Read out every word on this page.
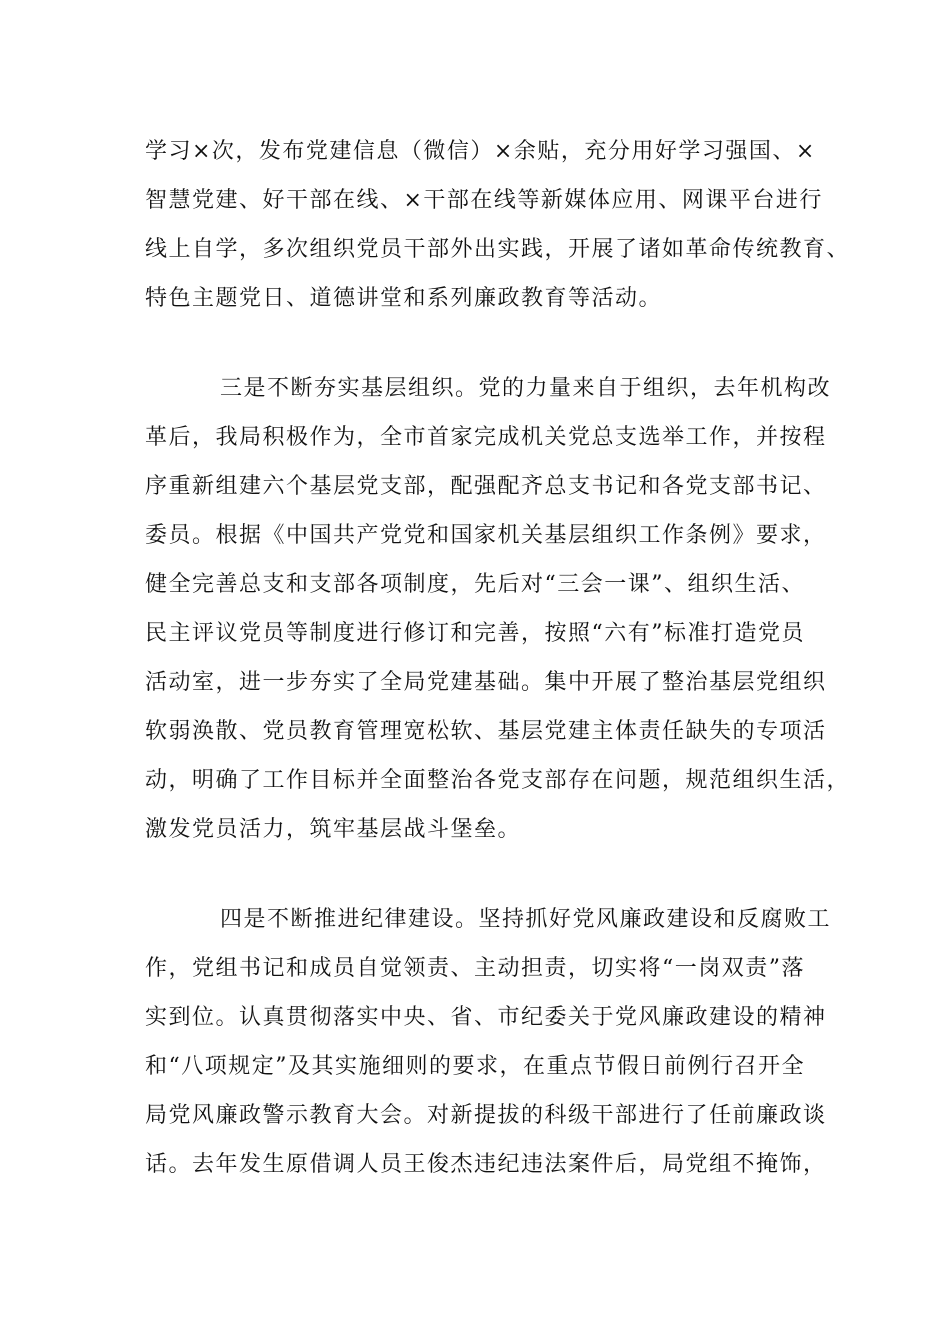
学习×次，发布党建信息（微信）×余贴，充分用好学习强国、×
智慧党建、好干部在线、×干部在线等新媒体应用、网课平台进行
线上自学，多次组织党员干部外出实践，开展了诸如革命传统教育、
特色主题党日、道德讲堂和系列廉政教育等活动。
三是不断夯实基层组织。党的力量来自于组织，去年机构改
革后，我局积极作为，全市首家完成机关党总支选举工作，并按程
序重新组建六个基层党支部，配强配齐总支书记和各党支部书记、
委员。根据《中国共产党党和国家机关基层组织工作条例》要求，
健全完善总支和支部各项制度，先后对“三会一课”、组织生活、
民主评议党员等制度进行修订和完善，按照“六有”标准打造党员
活动室，进一步夯实了全局党建基础。集中开展了整治基层党组织
软弱涣散、党员教育管理宽松软、基层党建主体责任缺失的专项活
动，明确了工作目标并全面整治各党支部存在问题，规范组织生活，
激发党员活力，筑牢基层战斗堡垒。
四是不断推进纪律建设。坚持抓好党风廉政建设和反腐败工
作，党组书记和成员自觉领责、主动担责，切实将“一岗双责”落
实到位。认真贯彻落实中央、省、市纪委关于党风廉政建设的精神
和“八项规定”及其实施细则的要求，在重点节假日前例行召开全
局党风廉政警示教育大会。对新提拔的科级干部进行了任前廉政谈
话。去年发生原借调人员王俊杰违纪违法案件后，局党组不掩饰，
